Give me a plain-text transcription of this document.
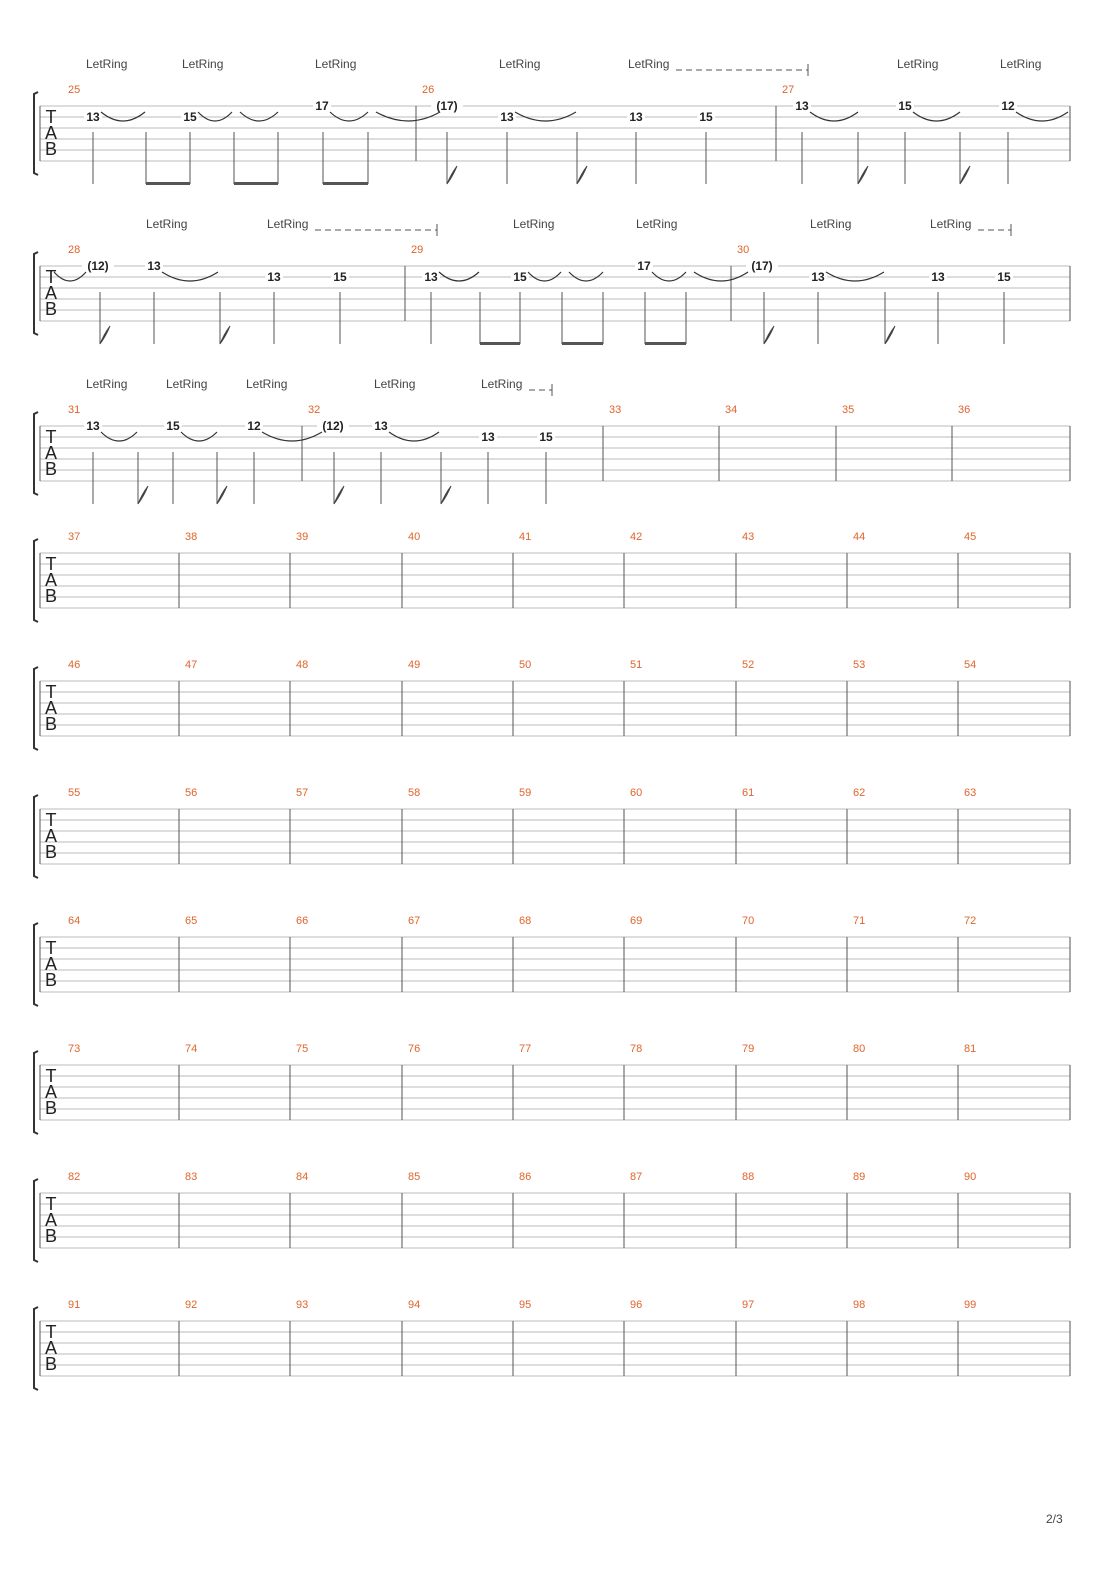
T
A
B
25	26	27
13	15
17	(17)
13	13	15
13	15	12
LetRing	LetRing	LetRing	LetRing	LetRing	LetRing	LetRing
T
A
B
28	29	30
(12)	13
13	15	13	15
17	(17)
13	13	15
LetRing	LetRing	LetRing	LetRing	LetRing	LetRing
T
A
B
31	32	33	34	35	36
13	15	12	(12)	13
13	15
LetRing	LetRing	LetRing	LetRing	LetRing
T
A
B
37	38	39	40	41	42	43	44	45
T
A
B
46	47	48	49	50	51	52	53	54
T
A
B
55	56	57	58	59	60	61	62	63
T
A
B
64	65	66	67	68	69	70	71	72
T
A
B
73	74	75	76	77	78	79	80	81
T
A
B
82	83	84	85	86	87	88	89	90
T
A
B
91	92	93	94	95	96	97	98	99
2/3
